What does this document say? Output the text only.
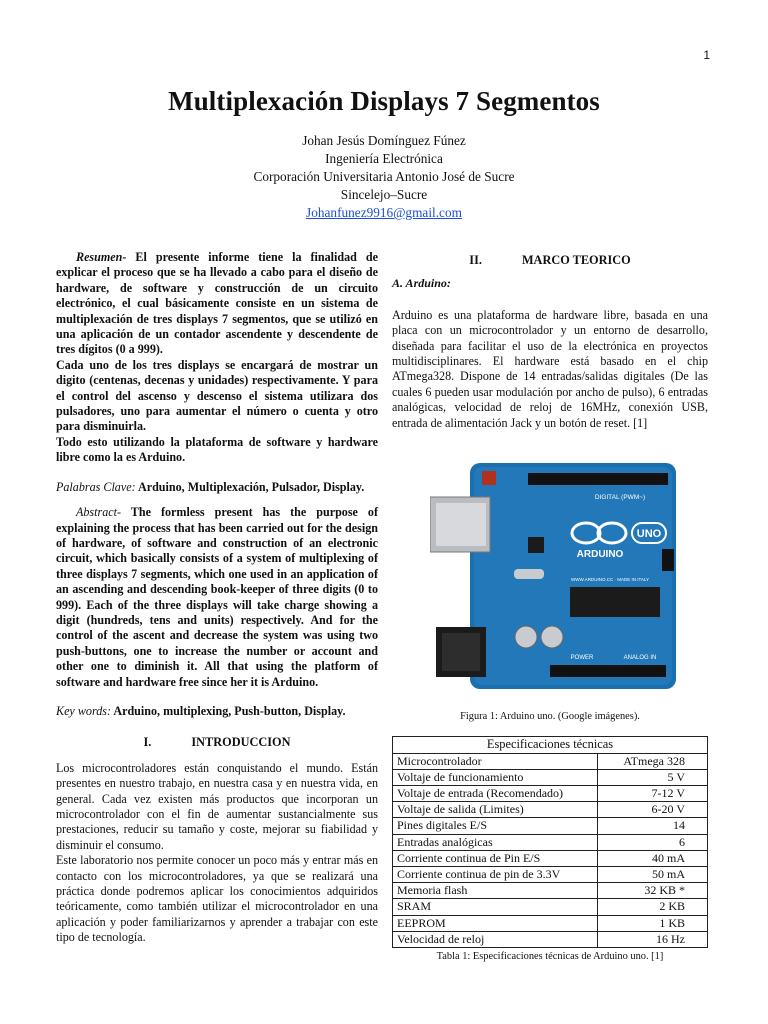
1
Multiplexación Displays 7 Segmentos
Johan Jesús Domínguez Fúnez
Ingeniería Electrónica
Corporación Universitaria Antonio José de Sucre
Sincelejo–Sucre
Johanfunez9916@gmail.com

Resumen- El presente informe tiene la finalidad de explicar el proceso que se ha llevado a cabo para el diseño de hardware, de software y construcción de un circuito electrónico, el cual básicamente consiste en un sistema de multiplexación de tres displays 7 segmentos, que se utilizó en una aplicación de un contador ascendente y descendente de tres dígitos (0 a 999).

Cada uno de los tres displays se encargará de mostrar un digito (centenas, decenas y unidades) respectivamente. Y para el control del ascenso y descenso el sistema utilizara dos pulsadores, uno para aumentar el número o cuenta y otro para disminuirla.

Todo esto utilizando la plataforma de software y hardware libre como la es Arduino.

Palabras Clave: Arduino, Multiplexación, Pulsador, Display.

Abstract- The formless present has the purpose of explaining the process that has been carried out for the design of hardware, of software and construction of an electronic circuit, which basically consists of a system of multiplexing of three displays 7 segments, which one used in an application of an ascending and descending book-keeper of three digits (0 to 999). Each of the three displays will take charge showing a digit (hundreds, tens and units) respectively. And for the control of the ascent and decrease the system was using two push-buttons, one to increase the number or account and other one to diminish it. All that using the platform of software and hardware free since her it is Arduino.

Key words: Arduino, multiplexing, Push-button, Display.

I.	INTRODUCCION

Los microcontroladores están conquistando el mundo. Están presentes en nuestro trabajo, en nuestra casa y en nuestra vida, en general. Cada vez existen más productos que incorporan un microcontrolador con el fin de aumentar sustancialmente sus prestaciones, reducir su tamaño y coste, mejorar su fiabilidad y disminuir el consumo.

Este laboratorio nos permite conocer un poco más y entrar más en contacto con los microcontroladores, ya que se realizará una práctica donde podremos aplicar los conocimientos adquiridos teóricamente, como también utilizar el microcontrolador en una aplicación y poder familiarizarnos y aprender a trabajar con este tipo de tecnología.

II.	MARCO TEORICO
A. Arduino:

Arduino es una plataforma de hardware libre, basada en una placa con un microcontrolador y un entorno de desarrollo, diseñada para facilitar el uso de la electrónica en proyectos multidisciplinares. El hardware está basado en el chip ATmega328. Dispone de 14 entradas/salidas digitales (De las cuales 6 pueden usar modulación por ancho de pulso), 6 entradas analógicas, velocidad de reloj de 16MHz, conexión USB, entrada de alimentación Jack y un botón de reset. [1]

UNO
ARDUINO
DIGITAL (PWM~)
POWER	ANALOG IN
WWW.ARDUINO.CC · MADE IN ITALY
Figura 1: Arduino uno. (Google imágenes).
Especificaciones técnicas	
Microcontrolador	ATmega 328
Voltaje de funcionamiento	5 V
Voltaje de entrada (Recomendado)	7-12 V
Voltaje de salida (Limites)	6-20 V
Pines digitales E/S	14
Entradas analógicas	6
Corriente continua de Pin E/S	40 mA
Corriente continua de pin de 3.3V	50 mA
Memoria flash	32 KB *
SRAM	2 KB
EEPROM	1 KB
Velocidad de reloj	16 Hz
Tabla 1: Especificaciones técnicas de Arduino uno. [1]
